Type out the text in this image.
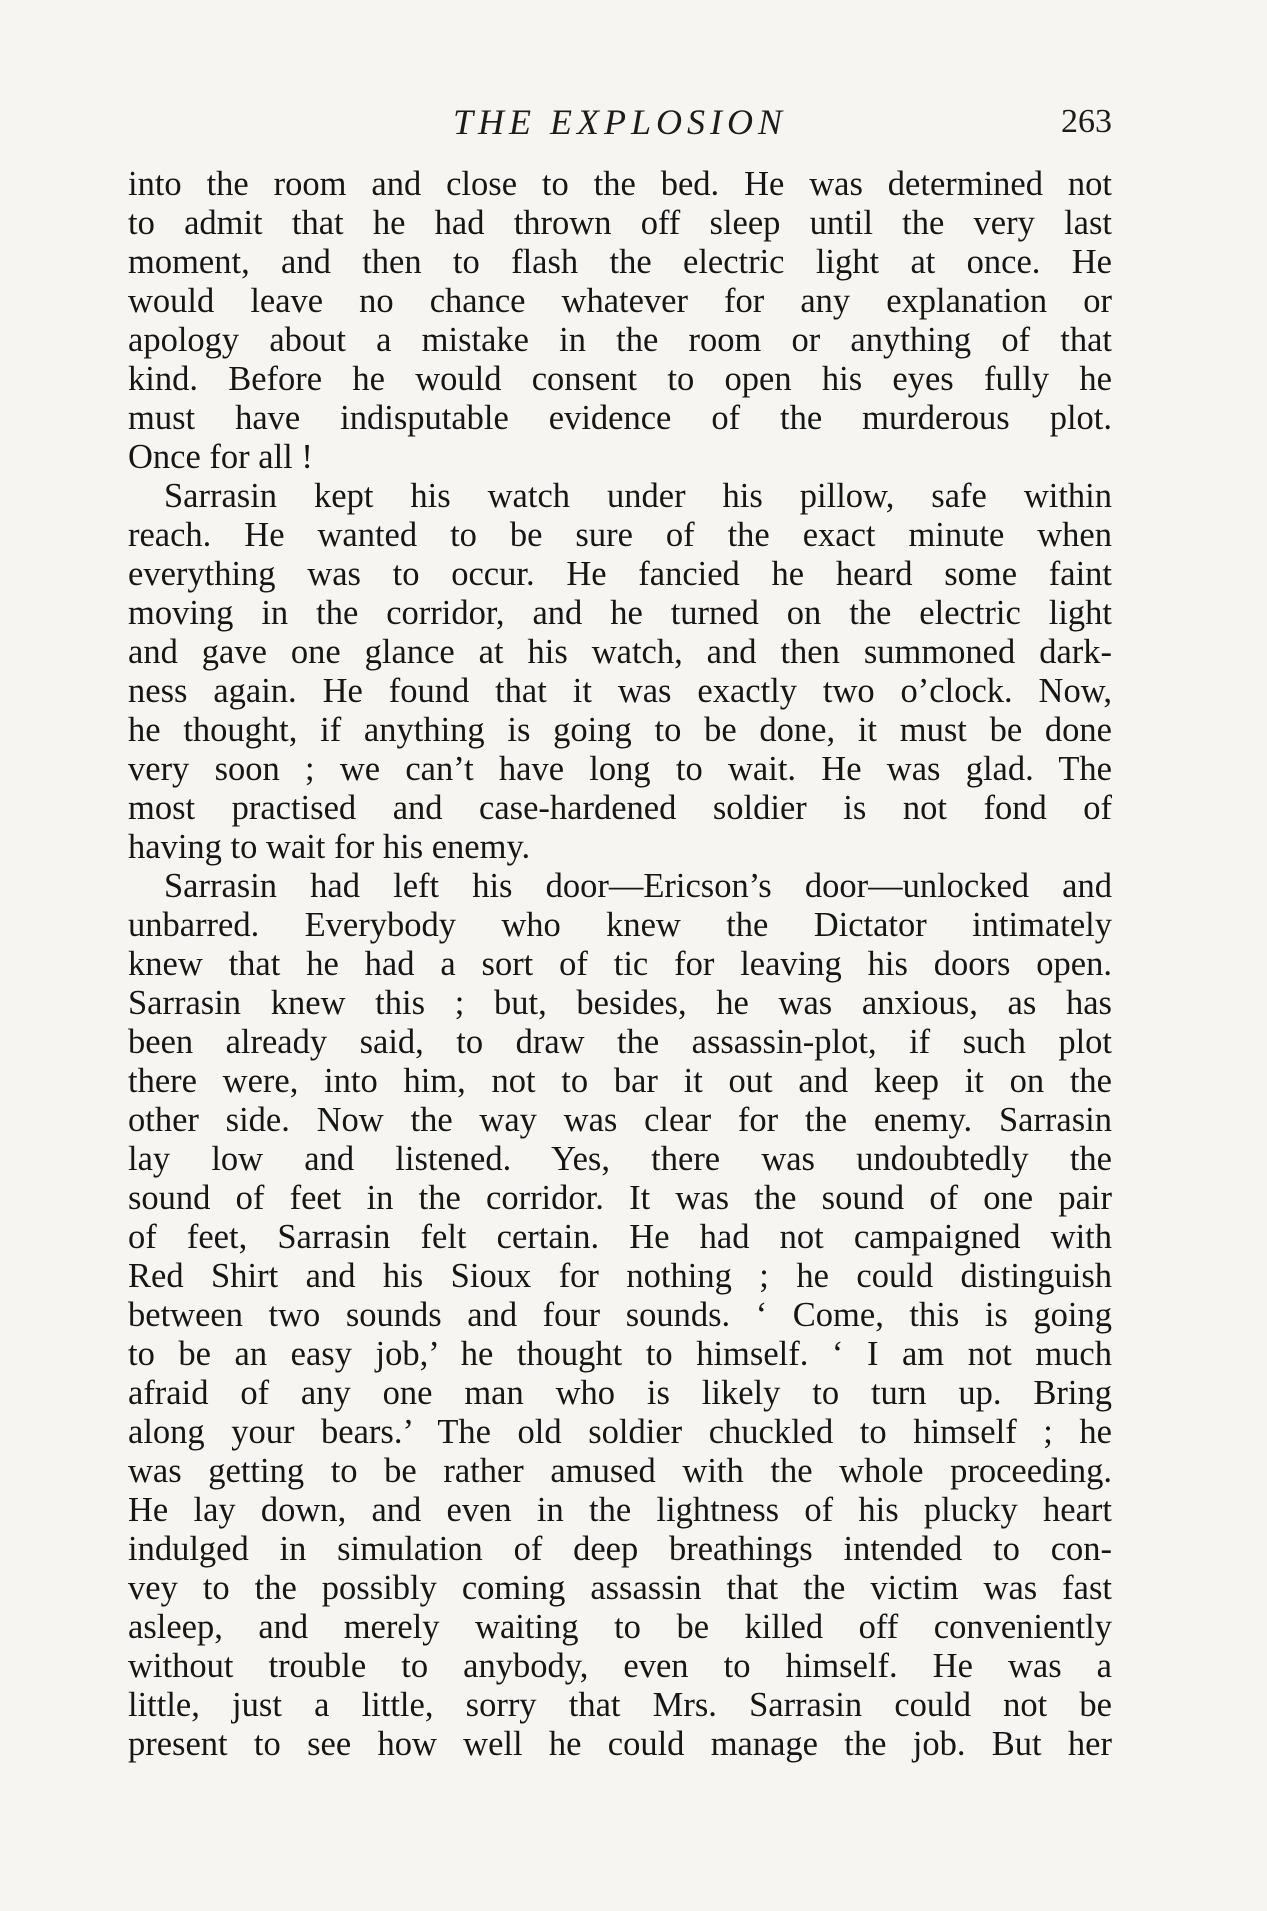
THE EXPLOSION	263
into the room and close to the bed. He was determined not
to admit that he had thrown off sleep until the very last
moment, and then to flash the electric light at once. He
would leave no chance whatever for any explanation or
apology about a mistake in the room or anything of that
kind. Before he would consent to open his eyes fully he
must have indisputable evidence of the murderous plot.
Once for all !
Sarrasin kept his watch under his pillow, safe within
reach. He wanted to be sure of the exact minute when
everything was to occur. He fancied he heard some faint
moving in the corridor, and he turned on the electric light
and gave one glance at his watch, and then summoned dark-
ness again. He found that it was exactly two o’clock. Now,
he thought, if anything is going to be done, it must be done
very soon ; we can’t have long to wait. He was glad. The
most practised and case-hardened soldier is not fond of
having to wait for his enemy.
Sarrasin had left his door—Ericson’s door—unlocked and
unbarred. Everybody who knew the Dictator intimately
knew that he had a sort of tic for leaving his doors open.
Sarrasin knew this ; but, besides, he was anxious, as has
been already said, to draw the assassin-plot, if such plot
there were, into him, not to bar it out and keep it on the
other side. Now the way was clear for the enemy. Sarrasin
lay low and listened. Yes, there was undoubtedly the
sound of feet in the corridor. It was the sound of one pair
of feet, Sarrasin felt certain. He had not campaigned with
Red Shirt and his Sioux for nothing ; he could distinguish
between two sounds and four sounds. ‘ Come, this is going
to be an easy job,’ he thought to himself. ‘ I am not much
afraid of any one man who is likely to turn up. Bring
along your bears.’ The old soldier chuckled to himself ; he
was getting to be rather amused with the whole proceeding.
He lay down, and even in the lightness of his plucky heart
indulged in simulation of deep breathings intended to con-
vey to the possibly coming assassin that the victim was fast
asleep, and merely waiting to be killed off conveniently
without trouble to anybody, even to himself. He was a
little, just a little, sorry that Mrs. Sarrasin could not be
present to see how well he could manage the job. But her
